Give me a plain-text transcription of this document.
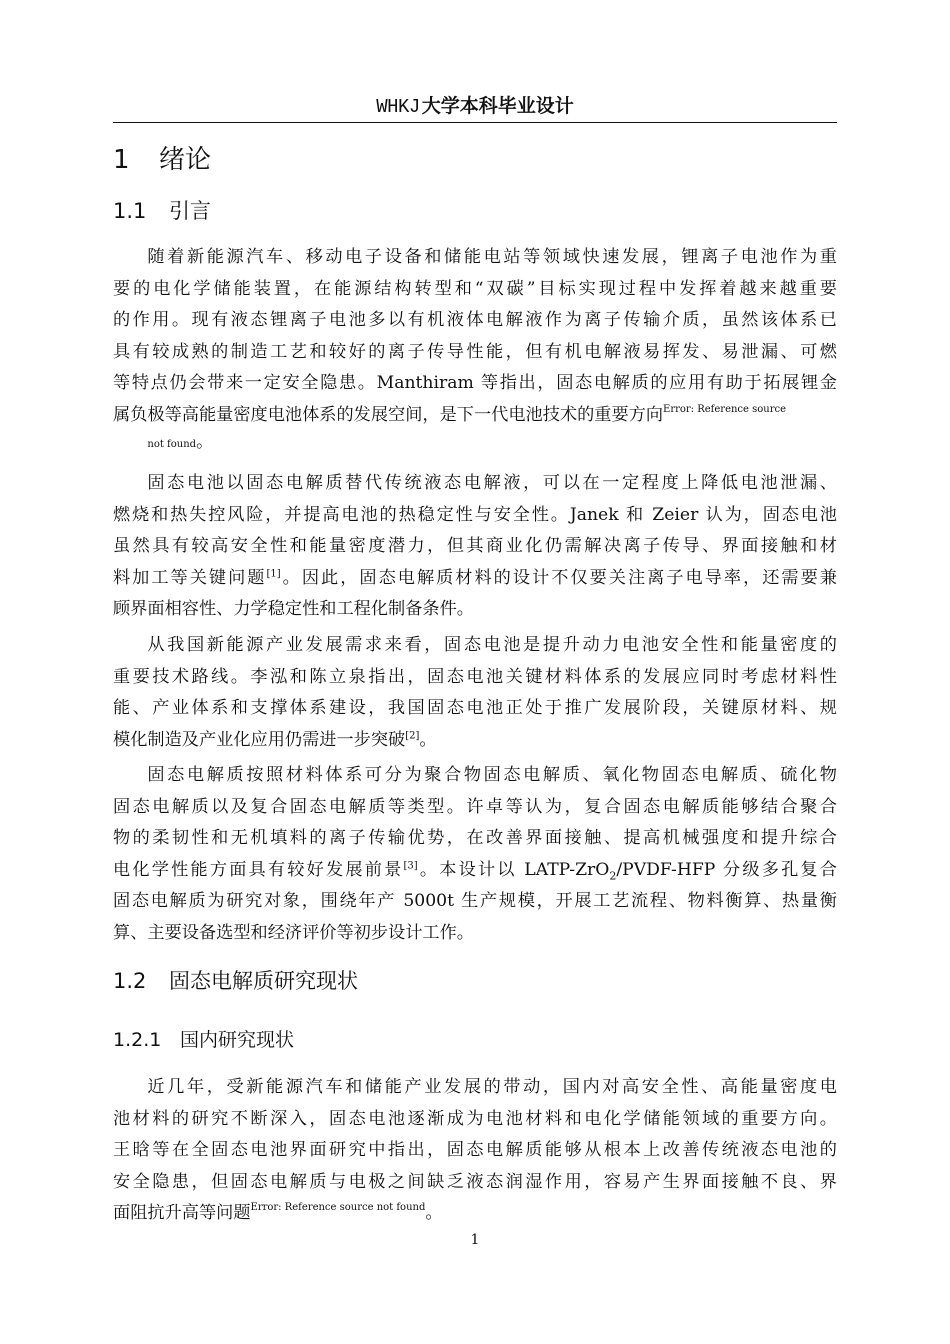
WHKJ 大学本科毕业设计
1 绪论
1.1 引言
随着新能源汽车、移动电子设备和储能电站等领域快速发展，锂离子电池作为重
要的电化学储能装置，在能源结构转型和“双碳”目标实现过程中发挥着越来越重要
的作用。现有液态锂离子电池多以有机液体电解液作为离子传输介质，虽然该体系已
具有较成熟的制造工艺和较好的离子传导性能，但有机电解液易挥发、易泄漏、可燃
等特点仍会带来一定安全隐患。Manthiram 等指出，固态电解质的应用有助于拓展锂金
属负极等高能量密度电池体系的发展空间，是下一代电池技术的重要方向$^{Error: Reference source}$
not found。
固态电池以固态电解质替代传统液态电解液，可以在一定程度上降低电池泄漏、
燃烧和热失控风险，并提高电池的热稳定性与安全性。Janek 和 Zeier 认为，固态电池
虽然具有较高安全性和能量密度潜力，但其商业化仍需解决离子传导、界面接触和材
料加工等关键问题[1]。因此，固态电解质材料的设计不仅要关注离子电导率，还需要兼
顾界面相容性、力学稳定性和工程化制备条件。
从我国新能源产业发展需求来看，固态电池是提升动力电池安全性和能量密度的
重要技术路线。李泓和陈立泉指出，固态电池关键材料体系的发展应同时考虑材料性
能、产业体系和支撑体系建设，我国固态电池正处于推广发展阶段，关键原材料、规
模化制造及产业化应用仍需进一步突破[2]。
固态电解质按照材料体系可分为聚合物固态电解质、氧化物固态电解质、硫化物
固态电解质以及复合固态电解质等类型。许卓等认为，复合固态电解质能够结合聚合
物的柔韧性和无机填料的离子传输优势，在改善界面接触、提高机械强度和提升综合
电化学性能方面具有较好发展前景[3]。本设计以 LATP-ZrO$_2$/PVDF-HFP 分级多孔复合
固态电解质为研究对象，围绕年产 5000t 生产规模，开展工艺流程、物料衡算、热量衡
算、主要设备选型和经济评价等初步设计工作。
1.2 固态电解质研究现状
1.2.1 国内研究现状
近几年，受新能源汽车和储能产业发展的带动，国内对高安全性、高能量密度电
池材料的研究不断深入，固态电池逐渐成为电池材料和电化学储能领域的重要方向。
王晗等在全固态电池界面研究中指出，固态电解质能够从根本上改善传统液态电池的
安全隐患，但固态电解质与电极之间缺乏液态润湿作用，容易产生界面接触不良、界
面阻抗升高等问题$^{Error: Reference source not found}$。
1
